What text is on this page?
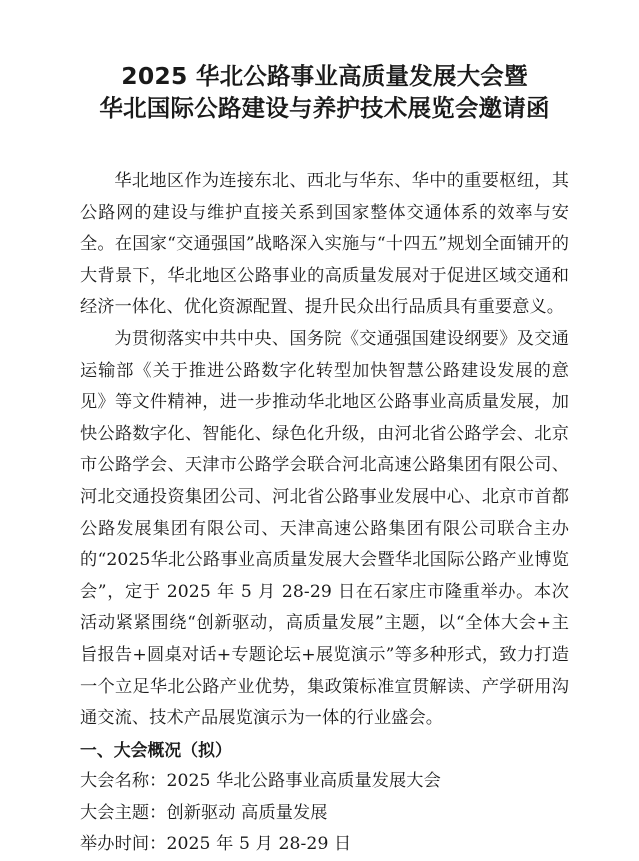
2025 华北公路事业高质量发展大会暨
华北国际公路建设与养护技术展览会邀请函

华北地区作为连接东北、西北与华东、华中的重要枢纽，其公路网的建设与维护直接关系到国家整体交通体系的效率与安全。在国家“交通强国”战略深入实施与“十四五”规划全面铺开的大背景下，华北地区公路事业的高质量发展对于促进区域交通和经济一体化、优化资源配置、提升民众出行品质具有重要意义。

为贯彻落实中共中央、国务院《交通强国建设纲要》及交通运输部《关于推进公路数字化转型加快智慧公路建设发展的意见》等文件精神，进一步推动华北地区公路事业高质量发展，加快公路数字化、智能化、绿色化升级，由河北省公路学会、北京市公路学会、天津市公路学会联合河北高速公路集团有限公司、河北交通投资集团公司、河北省公路事业发展中心、北京市首都公路发展集团有限公司、天津高速公路集团有限公司联合主办的“2025华北公路事业高质量发展大会暨华北国际公路产业博览会”，定于 2025 年 5 月 28-29 日在石家庄市隆重举办。本次活动紧紧围绕“创新驱动，高质量发展”主题，以“全体大会+主旨报告+圆桌对话+专题论坛+展览演示”等多种形式，致力打造一个立足华北公路产业优势，集政策标准宣贯解读、产学研用沟通交流、技术产品展览演示为一体的行业盛会。

一、大会概况（拟）

大会名称：2025 华北公路事业高质量发展大会

大会主题：创新驱动 高质量发展

举办时间：2025 年 5 月 28-29 日
